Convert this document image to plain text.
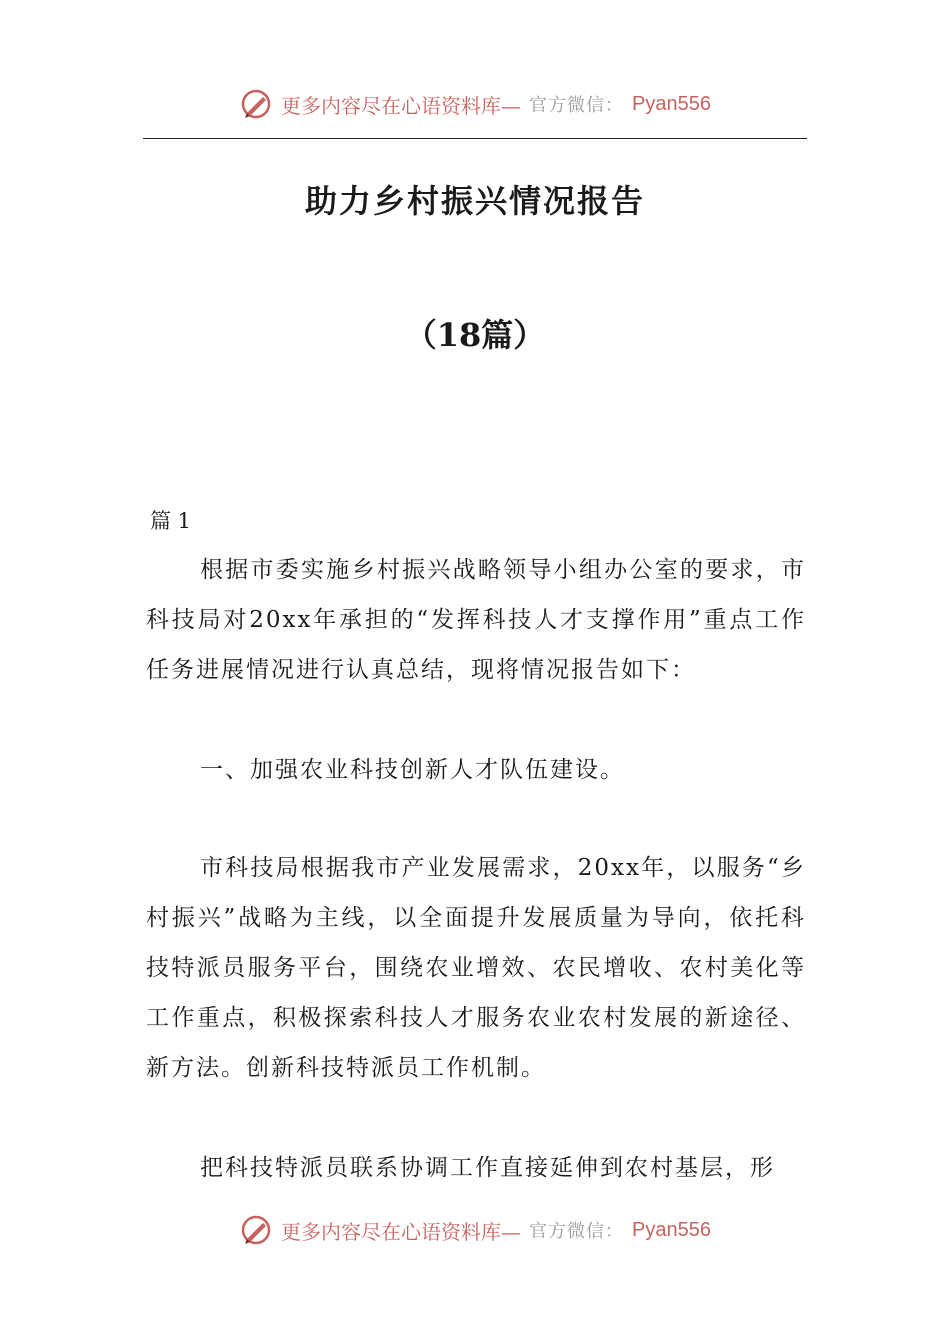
更多内容尽在心语资料库— 官方微信： Pyan556
助力乡村振兴情况报告
（18篇）
篇 1
根据市委实施乡村振兴战略领导小组办公室的要求，市科技局对20xx年承担的“发挥科技人才支撑作用”重点工作任务进展情况进行认真总结，现将情况报告如下：
一、加强农业科技创新人才队伍建设。
市科技局根据我市产业发展需求，20xx年，以服务“乡村振兴”战略为主线，以全面提升发展质量为导向，依托科技特派员服务平台，围绕农业增效、农民增收、农村美化等工作重点，积极探索科技人才服务农业农村发展的新途径、新方法。创新科技特派员工作机制。
把科技特派员联系协调工作直接延伸到农村基层，形
更多内容尽在心语资料库— 官方微信： Pyan556
